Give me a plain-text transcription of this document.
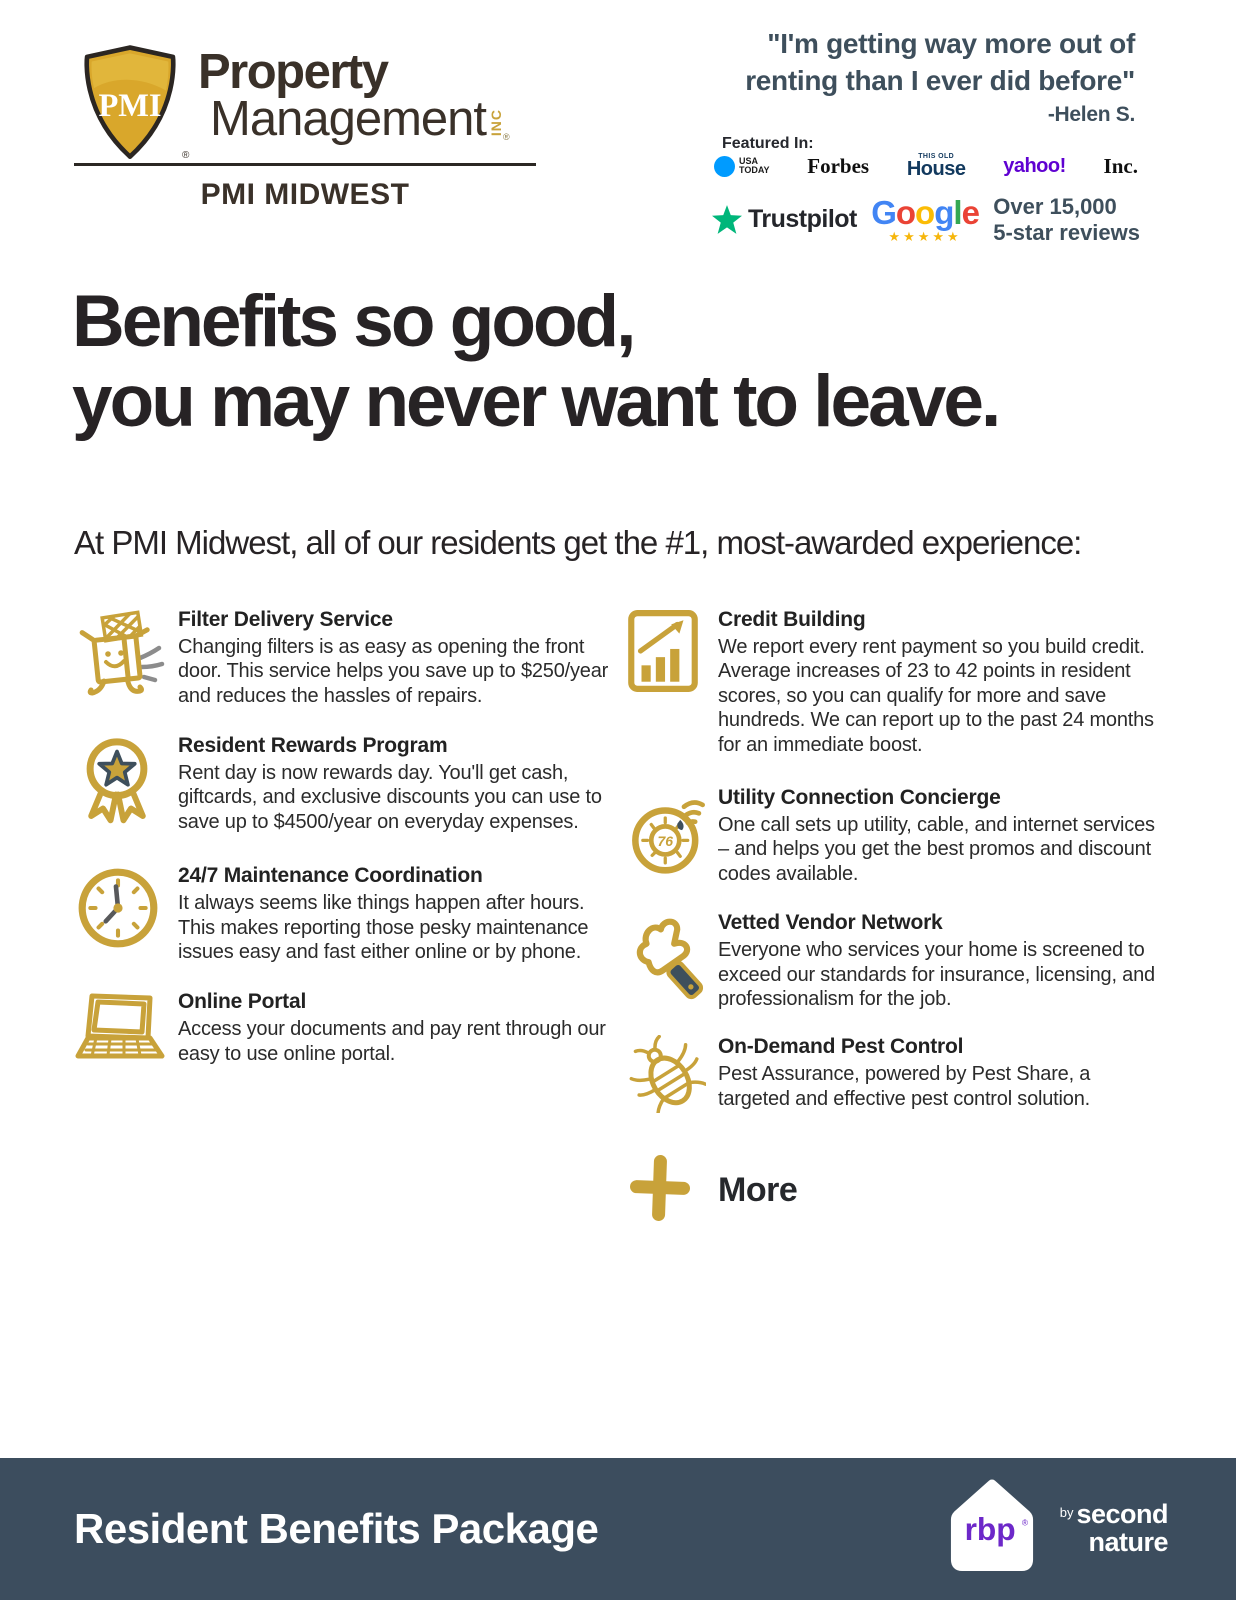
PMI
®
Property
Management INC
®
PMI MIDWEST
"I'm getting way more out of
renting than I ever did before"
-Helen S.
Featured In:
USA
TODAY Forbes	THIS OLD
House yahoo! Inc.
Trustpilot Google
★★★★★
Over 15,000
5-star reviews
Benefits so good,
you may never want to leave.
At PMI Midwest, all of our residents get the #1, most-awarded experience:
Filter Delivery Service
Changing filters is as easy as opening the front door. This service helps you save up to $250/year and reduces the hassles of repairs.
Resident Rewards Program
Rent day is now rewards day. You'll get cash, giftcards, and exclusive discounts you can use to save up to $4500/year on everyday expenses.
24/7 Maintenance Coordination
It always seems like things happen after hours. This makes reporting those pesky maintenance issues easy and fast either online or by phone.
Online Portal
Access your documents and pay rent through our easy to use online portal.
Credit Building
We report every rent payment so you build credit. Average increases of 23 to 42 points in resident scores, so you can qualify for more and save hundreds. We can report up to the past 24 months for an immediate boost.
76
Utility Connection Concierge
One call sets up utility, cable, and internet services – and helps you get the best promos and discount codes available.
Vetted Vendor Network
Everyone who services your home is screened to exceed our standards for insurance, licensing, and professionalism for the job.
On-Demand Pest Control
Pest Assurance, powered by Pest Share, a targeted and effective pest control solution.
More
Resident Benefits Package	rbp ®
$^{by}$ second
nature
